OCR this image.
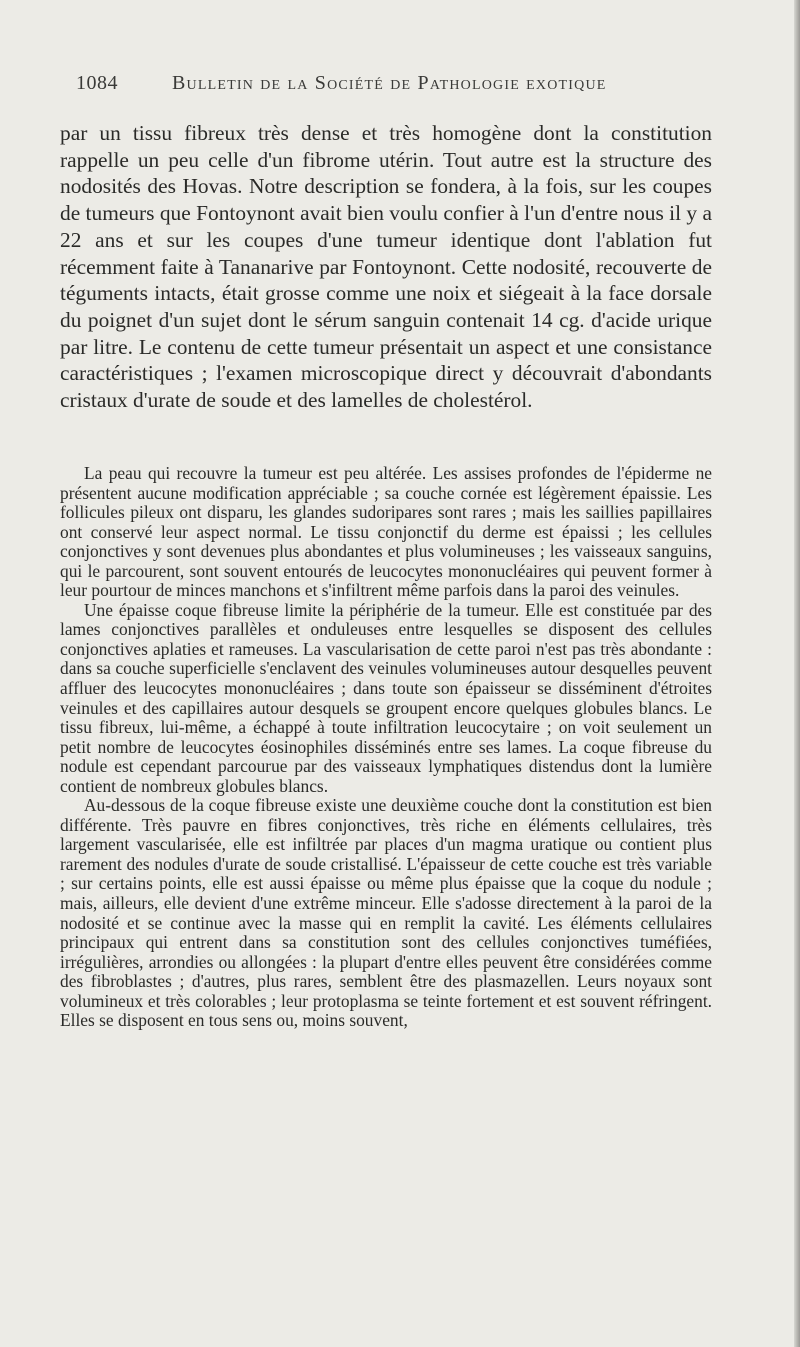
1084	Bulletin de la Société de Pathologie exotique

par un tissu fibreux très dense et très homogène dont la constitution rappelle un peu celle d'un fibrome utérin. Tout autre est la structure des nodosités des Hovas. Notre description se fondera, à la fois, sur les coupes de tumeurs que Fontoynont avait bien voulu confier à l'un d'entre nous il y a 22 ans et sur les coupes d'une tumeur identique dont l'ablation fut récemment faite à Tananarive par Fontoynont. Cette nodosité, recouverte de téguments intacts, était grosse comme une noix et siégeait à la face dorsale du poignet d'un sujet dont le sérum sanguin contenait 14 cg. d'acide urique par litre. Le contenu de cette tumeur présentait un aspect et une consistance caractéristiques ; l'examen microscopique direct y découvrait d'abondants cristaux d'urate de soude et des lamelles de cholestérol.

La peau qui recouvre la tumeur est peu altérée. Les assises profondes de l'épiderme ne présentent aucune modification appréciable ; sa couche cornée est légèrement épaissie. Les follicules pileux ont disparu, les glandes sudoripares sont rares ; mais les saillies papillaires ont conservé leur aspect normal. Le tissu conjonctif du derme est épaissi ; les cellules conjonctives y sont devenues plus abondantes et plus volumineuses ; les vaisseaux sanguins, qui le parcourent, sont souvent entourés de leucocytes mononucléaires qui peuvent former à leur pourtour de minces manchons et s'infiltrent même parfois dans la paroi des veinules.

Une épaisse coque fibreuse limite la périphérie de la tumeur. Elle est constituée par des lames conjonctives parallèles et onduleuses entre lesquelles se disposent des cellules conjonctives aplaties et rameuses. La vascularisation de cette paroi n'est pas très abondante : dans sa couche superficielle s'enclavent des veinules volumineuses autour desquelles peuvent affluer des leucocytes mononucléaires ; dans toute son épaisseur se disséminent d'étroites veinules et des capillaires autour desquels se groupent encore quelques globules blancs. Le tissu fibreux, lui-même, a échappé à toute infiltration leucocytaire ; on voit seulement un petit nombre de leucocytes éosinophiles disséminés entre ses lames. La coque fibreuse du nodule est cependant parcourue par des vaisseaux lymphatiques distendus dont la lumière contient de nombreux globules blancs.

Au-dessous de la coque fibreuse existe une deuxième couche dont la constitution est bien différente. Très pauvre en fibres conjonctives, très riche en éléments cellulaires, très largement vascularisée, elle est infiltrée par places d'un magma uratique ou contient plus rarement des nodules d'urate de soude cristallisé. L'épaisseur de cette couche est très variable ; sur certains points, elle est aussi épaisse ou même plus épaisse que la coque du nodule ; mais, ailleurs, elle devient d'une extrême minceur. Elle s'adosse directement à la paroi de la nodosité et se continue avec la masse qui en remplit la cavité. Les éléments cellulaires principaux qui entrent dans sa constitution sont des cellules conjonctives tuméfiées, irrégulières, arrondies ou allongées : la plupart d'entre elles peuvent être considérées comme des fibroblastes ; d'autres, plus rares, semblent être des plasmazellen. Leurs noyaux sont volumineux et très colorables ; leur protoplasma se teinte fortement et est souvent réfringent. Elles se disposent en tous sens ou, moins souvent,
